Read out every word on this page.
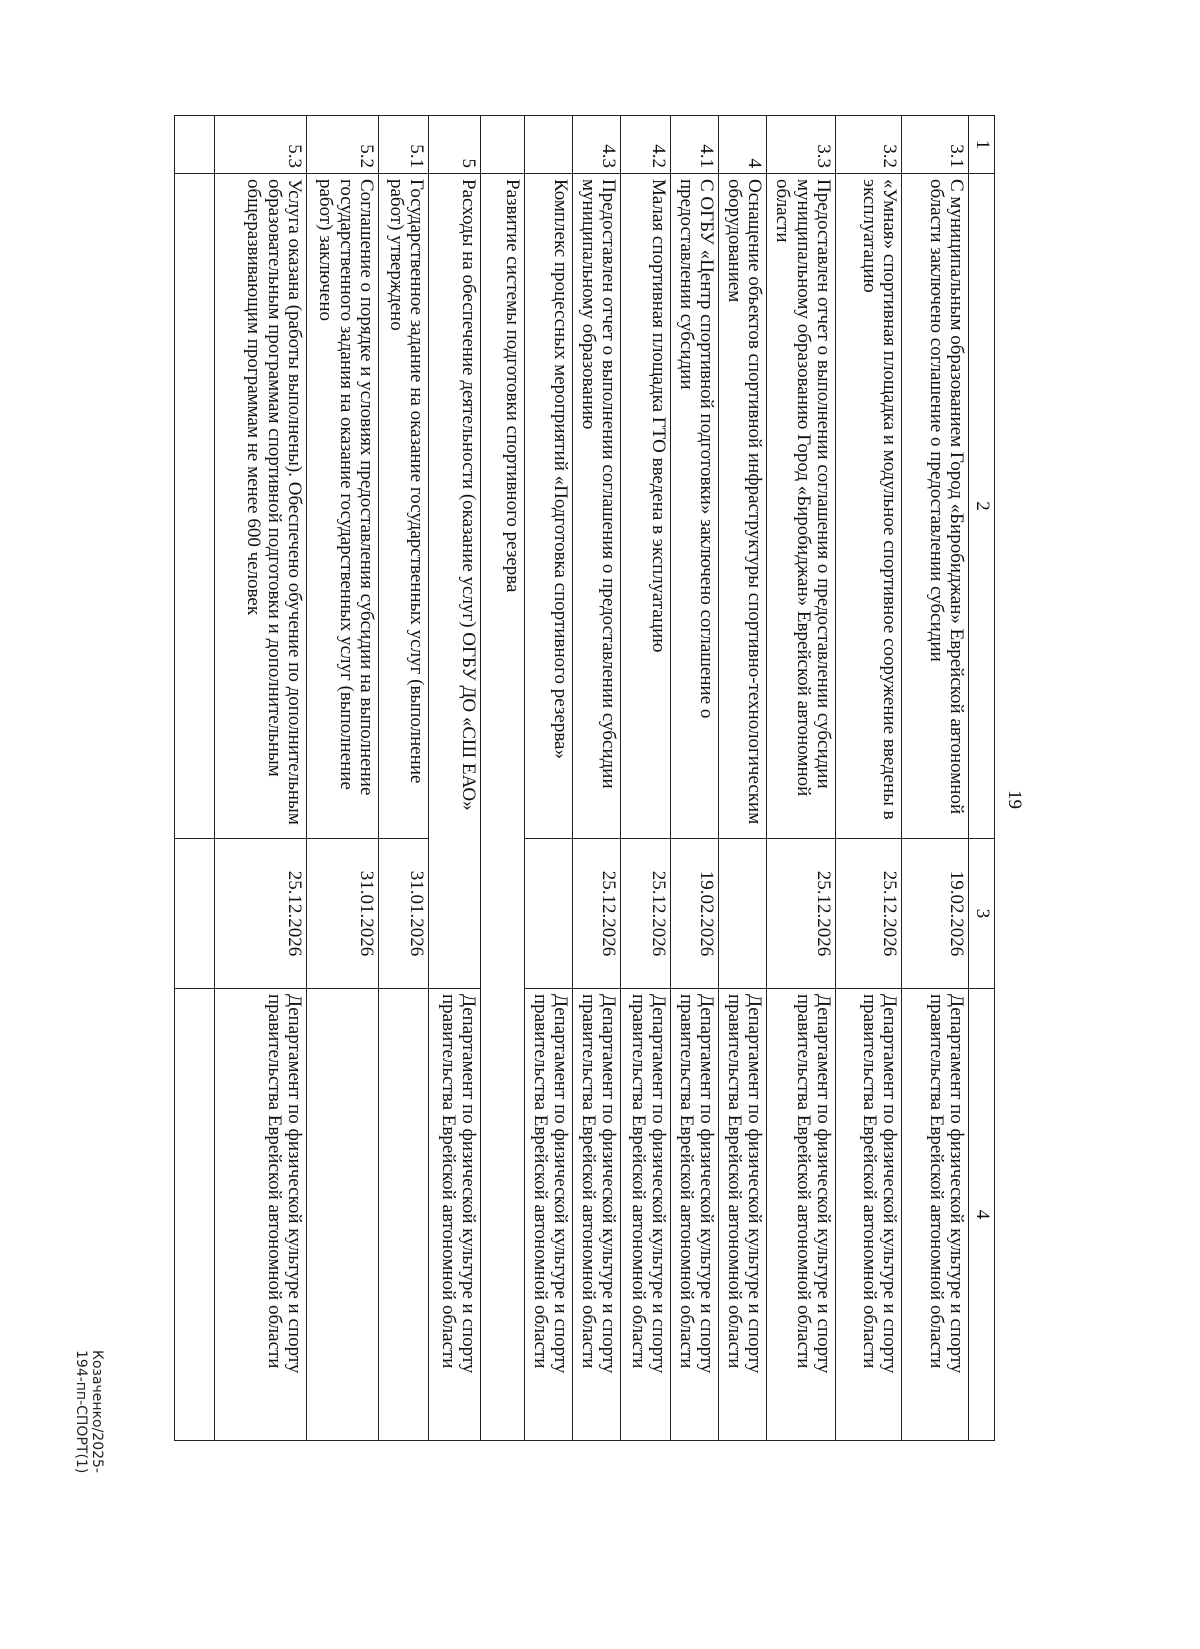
19
1	2	3	4
3.1	С муниципальным образованием Город «Биробиджан» Еврейской автономной области заключено соглашение о предоставлении субсидии	19.02.2026	Департамент по физической культуре и спорту правительства Еврейской автономной области
3.2	«Умная» спортивная площадка и модульное спортивное сооружение введены в эксплуатацию	25.12.2026	Департамент по физической культуре и спорту правительства Еврейской автономной области
3.3	Предоставлен отчет о выполнении соглашения о предоставлении субсидии муниципальному образованию Город «Биробиджан» Еврейской автономной области	25.12.2026	Департамент по физической культуре и спорту правительства Еврейской автономной области
4	Оснащение объектов спортивной инфраструктуры спортивно-технологическим оборудованием		Департамент по физической культуре и спорту правительства Еврейской автономной области
4.1	С ОГБУ «Центр спортивной подготовки» заключено соглашение о предоставлении субсидии	19.02.2026	Департамент по физической культуре и спорту правительства Еврейской автономной области
4.2	Малая спортивная площадка ГТО введена в эксплуатацию	25.12.2026	Департамент по физической культуре и спорту правительства Еврейской автономной области
4.3	Предоставлен отчет о выполнении соглашения о предоставлении субсидии муниципальному образованию	25.12.2026	Департамент по физической культуре и спорту правительства Еврейской автономной области
	Комплекс процессных мероприятий «Подготовка спортивного резерва»		Департамент по физической культуре и спорту правительства Еврейской автономной области
	Развитие системы подготовки спортивного резерва		
5	Расходы на обеспечение деятельности (оказание услуг) ОГБУ ДО «СШ ЕАО»		Департамент по физической культуре и спорту правительства Еврейской автономной области
5.1	Государственное задание на оказание государственных услуг (выполнение работ) утверждено	31.01.2026	
5.2	Соглашение о порядке и условиях предоставления субсидии на выполнение государственного задания на оказание государственных услуг (выполнение работ) заключено	31.01.2026	
5.3	Услуга оказана (работы выполнены). Обеспечено обучение по дополнительным образовательным программам спортивной подготовки и дополнительным общеразвивающим программам не менее 600 человек	25.12.2026	Департамент по физической культуре и спорту правительства Еврейской автономной области

Козаченко/2025-194-пп-СПОРТ(1)
